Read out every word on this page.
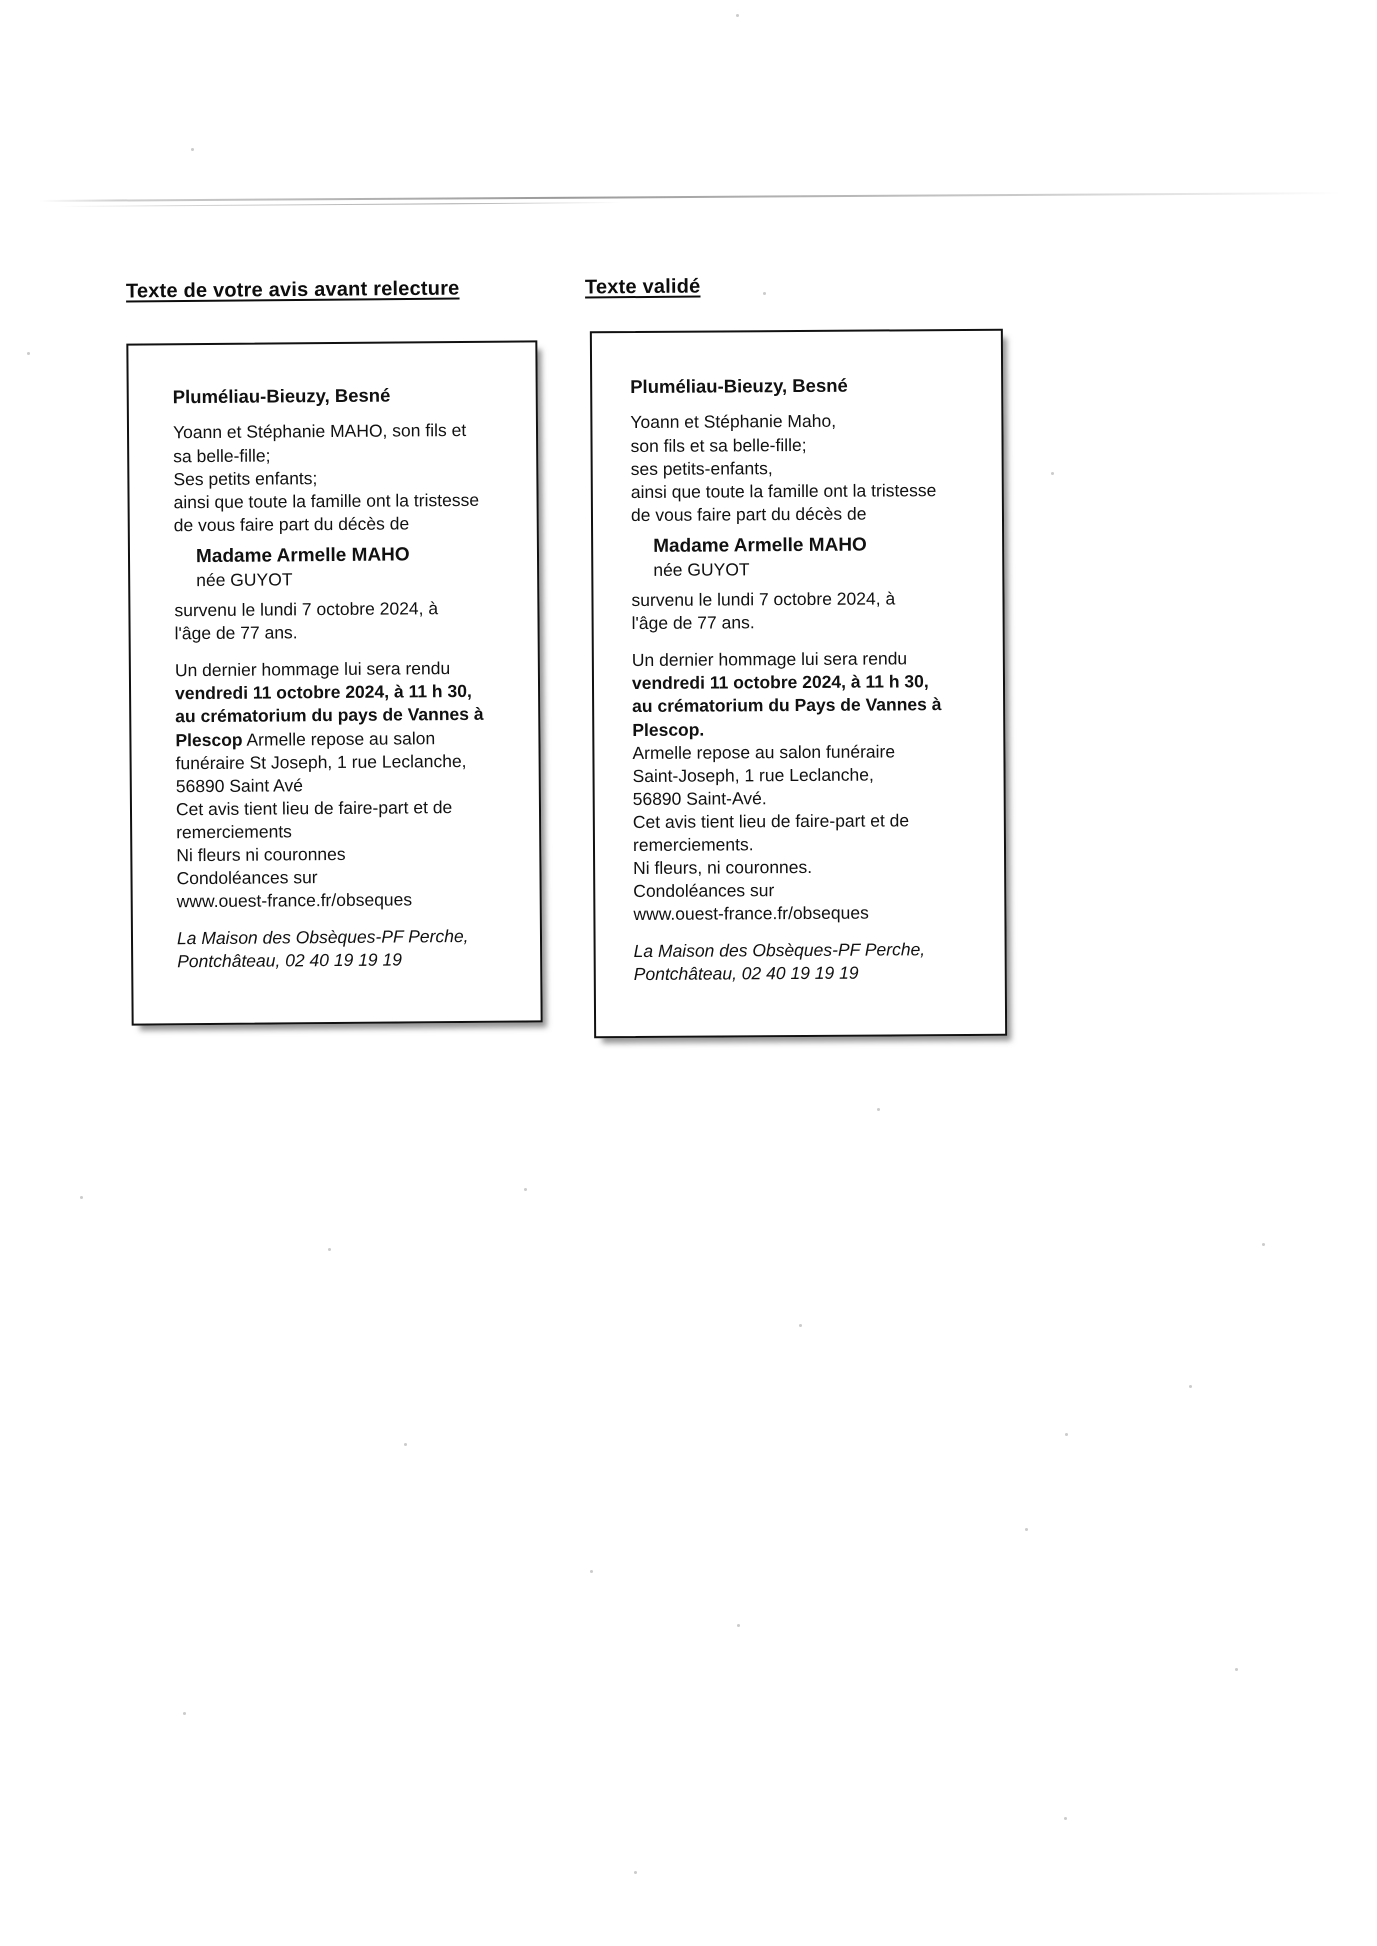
Texte de votre avis avant relecture
Pluméliau-Bieuzy, Besné

Yoann et Stéphanie MAHO, son fils et
sa belle-fille;
Ses petits enfants;
ainsi que toute la famille ont la tristesse
de vous faire part du décès de

Madame Armelle MAHO

née GUYOT

survenu le lundi 7 octobre 2024, à
l'âge de 77 ans.

Un dernier hommage lui sera rendu
vendredi 11 octobre 2024, à 11 h 30,
au crématorium du pays de Vannes à
Plescop Armelle repose au salon
funéraire St Joseph, 1 rue Leclanche,
56890 Saint Avé

Cet avis tient lieu de faire-part et de
remerciements
Ni fleurs ni couronnes
Condoléances sur
www.ouest-france.fr/obseques

La Maison des Obsèques-PF Perche,
Pontchâteau, 02 40 19 19 19

Texte validé
Pluméliau-Bieuzy, Besné

Yoann et Stéphanie Maho,
son fils et sa belle-fille;
ses petits-enfants,
ainsi que toute la famille ont la tristesse
de vous faire part du décès de

Madame Armelle MAHO

née GUYOT

survenu le lundi 7 octobre 2024, à
l'âge de 77 ans.

Un dernier hommage lui sera rendu
vendredi 11 octobre 2024, à 11 h 30,
au crématorium du Pays de Vannes à
Plescop.
Armelle repose au salon funéraire
Saint-Joseph, 1 rue Leclanche,
56890 Saint-Avé.

Cet avis tient lieu de faire-part et de
remerciements.
Ni fleurs, ni couronnes.
Condoléances sur
www.ouest-france.fr/obseques

La Maison des Obsèques-PF Perche,
Pontchâteau, 02 40 19 19 19
